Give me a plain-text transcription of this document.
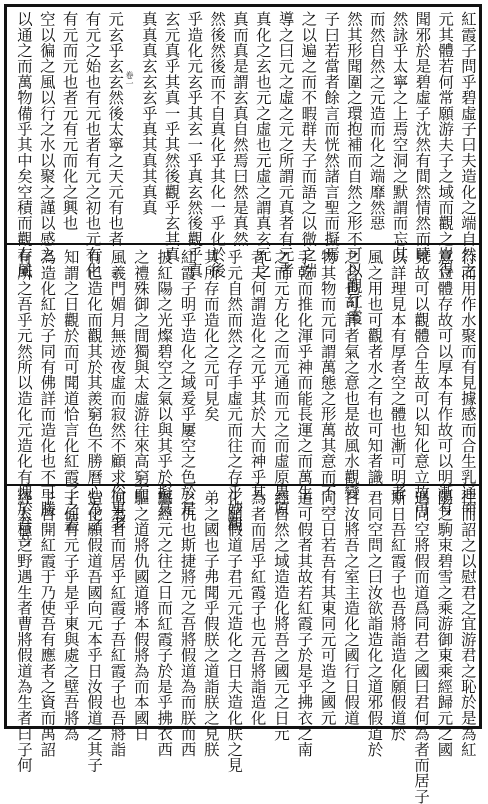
紅霞子問乎碧虛子曰夫造化之端自然之
元其體若何常願游夫子之域而觀之豈得
聞邪於是碧虛子沈然有間然情然而曉
然詠乎太寧之上焉空洞之默謂而忘其
而然自然之元造而化之端靡然惡
然其形聞圍之環抱補而自然之形不可以觀紅霞
子曰若當者餘言而恍然諸言聖而擬焉
之以遍之而不暇群夫子而語之以微之端
導之曰元之虛之元之所謂元真者有元者
真化之玄也元之虛也元虛之謂真玄元之
真而真是謂玄真自然焉曰然是真然
然後然後而不自真化乎其化一乎化於後
乎造化元玄乎其玄一乎真玄然後觀乎真
玄元真乎其真一乎其然後觀乎玄其真
真真真玄玄玄乎真其真其真真
卷一
元玄乎玄玄然後太寧之天元有也者
有元之始也有元也者有元之初也元有化
有元而元也者元有元而化之興也
空以徧之風以行之水以聚之謹以感之
以通之而萬物備乎其中矣空積而觀存風
行而用作水聚而有見據感而合生乳通而
意立體存故可以厚本有作故可以明漸有
見故可以觀體合生故可以知化意立故可
以詳理見本有厚者空之體也漸可明者
風之用也可觀者水之有也可知者識
之合也可詳者氣之意也是故風水觀變
物其物而元同謂萬態之形萬其意而不一
手乾而推化渾乎神而能長運之而萬生
之而元方化之而元通而元之而虛原異原
者夫何謂造化之元乎其於大而神乎其
乎元自然而然之存手虛元而往之存乎妙觀
其所存而造化之元可見矣
紅霞子明乎造化之域爰乎屢空之色於是
披紅陽之光燦碧空之氣以與其乎於擬冥
之禮殊御之間獨與太虛游往來高窮而
風羲門媚月無迹夜虛而寂然不顧求俗事者
有已造化而觀其於其羨窮色不勝曆心為之
知謂之日觀於而可聞道恰言化紅霞子之蓋
為造化紅於子同有佛詳而造化也不可勝
有所之吾乎元然所以造化元造化有愧於吾吾
往而詔之以慰君之宜游君之恥於是為紅
陽之駒束碧雪之乘游御東乘經歸元之國
遇同空將假而道爲同君之國曰君何為者而居子
斯日吾紅霞子也吾將詣造化願假道於
君同空問之曰汝欲詣造化之道邪假道於
日汝將吾之室主造化之國行日假道
同空日若吾有其東同元可造之國元
道可假者其故若紅霞子於是乎拂衣之南
經自然之域造造化將吾之國元之日元
為者而居乎紅霞子也元吾將詣造化
化願假道子君元元造化之日夫造化朕之見
弟之國也子弗聞乎假朕之道詣朕之見朕
之仇也斯捷將元之吾將假道為而朕而西
驅經元之往之日而紅霞子於是乎拂衣西
驅之道將仇國道將本假將為而本國日
何為者而居乎紅霞子吾紅霞子也吾將詣
造化願假道吾國向元本乎日汝假道之其子
子何有元子乎是乎東與處之壁吾將為
子啓開紅霞于乃使吾有應者之資而禹詔
經太極之野遇生者曹將假道為生者曰子何
